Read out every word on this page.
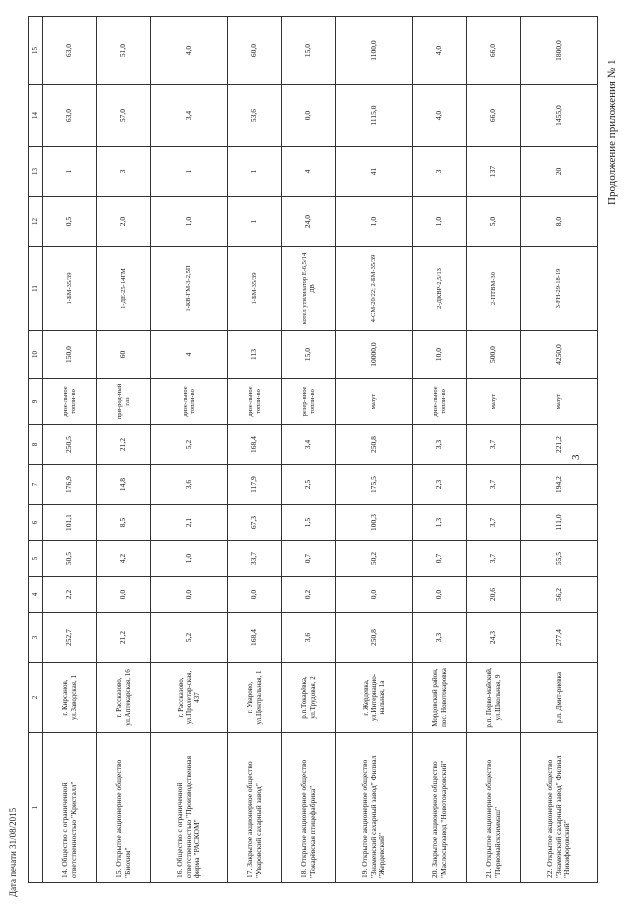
Дата печати 31/08/2015
Продолжение приложения № 1
3
1	2	3	4	5	6	7	8	9	10	11	12	13	14	15
14. Общество с ограниченной ответственностью "Кристалл"	г. Кирсанов, ул.Заводская, 1	252,7	2,2	50,5	101,1	176,9	250,5	дизе-льное топли-во	150,0	1-БМ-35/39	0,5	1	63,0	63,0
15. Открытое акционерное общество "Биохим"	г. Рассказово, ул.Аптекарская, 16	21,2	0,0	4,2	8,5	14,8	21,2	при-род-ный газ	60	1-ДЕ-25-14ГМ	2,0	3	57,0	51,0
16. Общество с ограниченной ответственностью "Производственная фирма "РАСКОМ"	г. Рассказово, ул.Пролетар-ская, 437	5,2	0,0	1,0	2,1	3,6	5,2	дизе-льное топли-во	4	1-КВ-ГМ-3-2,5П	1,0	1	3,4	4,0
17. Закрытое акционерное общество "Уваровский сахарный завод"	г. Уварово, ул.Центральная, 1	168,4	0,0	33,7	67,3	117,9	168,4	дизе-льное топли-во	113	1-БМ-35/39	1	1	53,6	60,0
18. Открытое акционерное общество "Токарёвская птицефабрика"	р.п.Токарёвка, ул.Трудовая, 2	3,6	0,2	0,7	1,5	2,5	3,4	резер-вное топли-во	15,0	котел утилизатор Е-6,5/14 ДВ	24,0	4	0,0	15,0
19. Открытое акционерное общество "Знаменский сахарный завод" Филиал "Жердевский"	г. Жердевка, ул.Интернацио-нальная, 1а	250,8	0,0	50,2	100,3	175,5	250,8	мазут	10000,0	4-СМ-20/22; 2-БМ-35/39	1,0	41	1115,0	1100,0
20. Закрытое акционерное общество "Маслосырзавод "Новотокаровский"	Мордовский район, пос. Новотокаровка	3,3	0,0	0,7	1,3	2,3	3,3	дизе-льное топли-во	10,0	2-ДКВР-2,5/13	1,0	3	4,0	4,0
21. Открытое акционерное общество "Первомайскхиммаш"	р.п. Перво-майский, ул.Школьная, 9	24,3	20,6	3,7	3,7	3,7	3,7	мазут	500,0	2-ПТВМ-30	5,0	137	66,0	66,0
22. Открытое акционерное общество "Знаменский сахарный завод" Филиал "Никифоровский"	р.п. Дмит-риевка	277,4	56,2	55,5	111,0	194,2	221,2	мазут	4250,0	3-FH-29-18-19	8,0	20	1455,0	1800,0
